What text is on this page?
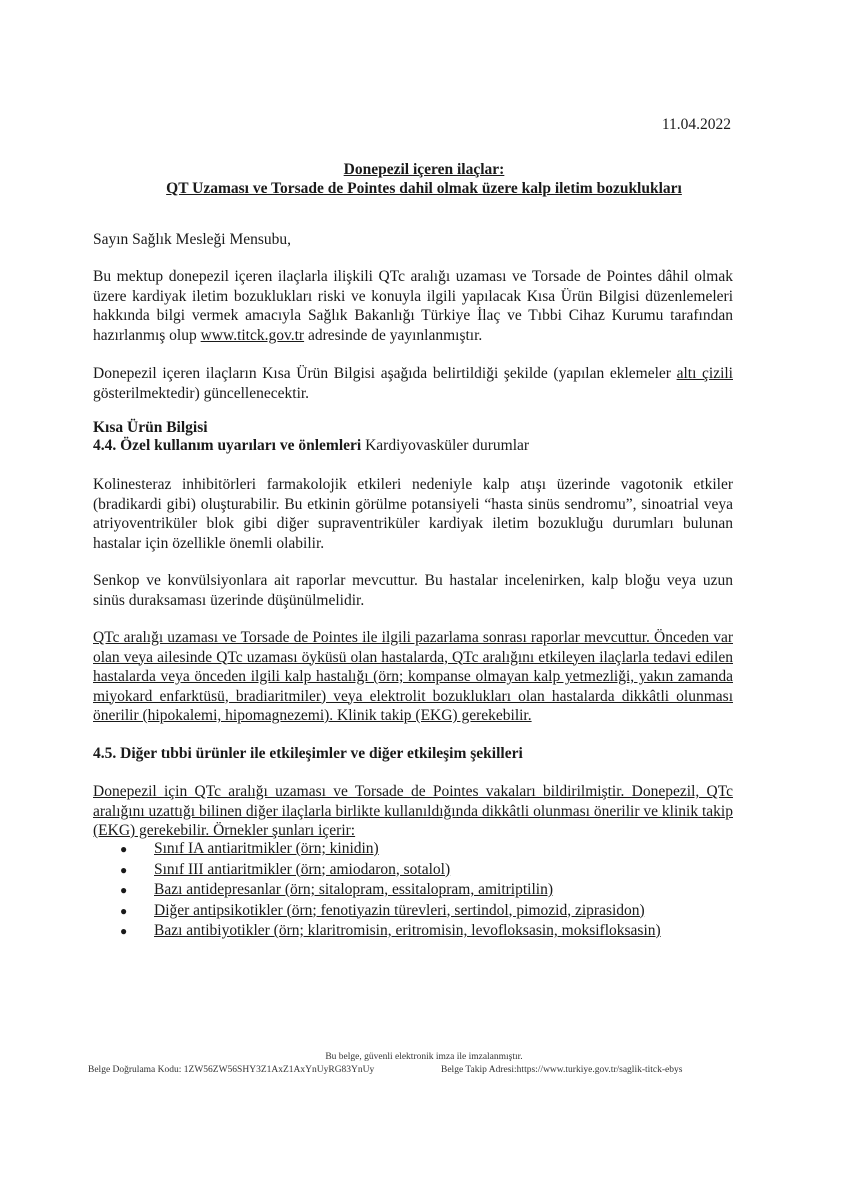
11.04.2022
Donepezil içeren ilaçlar:
QT Uzaması ve Torsade de Pointes dahil olmak üzere kalp iletim bozuklukları
Sayın Sağlık Mesleği Mensubu,
Bu mektup donepezil içeren ilaçlarla ilişkili QTc aralığı uzaması ve Torsade de Pointes dâhil olmak üzere kardiyak iletim bozuklukları riski ve konuyla ilgili yapılacak Kısa Ürün Bilgisi düzenlemeleri hakkında bilgi vermek amacıyla Sağlık Bakanlığı Türkiye İlaç ve Tıbbi Cihaz Kurumu tarafından hazırlanmış olup www.titck.gov.tr adresinde de yayınlanmıştır.
Donepezil içeren ilaçların Kısa Ürün Bilgisi aşağıda belirtildiği şekilde (yapılan eklemeler altı çizili gösterilmektedir) güncellenecektir.
Kısa Ürün Bilgisi
4.4. Özel kullanım uyarıları ve önlemleri Kardiyovasküler durumlar
Kolinesteraz inhibitörleri farmakolojik etkileri nedeniyle kalp atışı üzerinde vagotonik etkiler (bradikardi gibi) oluşturabilir. Bu etkinin görülme potansiyeli “hasta sinüs sendromu”, sinoatrial veya atriyoventriküler blok gibi diğer supraventriküler kardiyak iletim bozukluğu durumları bulunan hastalar için özellikle önemli olabilir.
Senkop ve konvülsiyonlara ait raporlar mevcuttur. Bu hastalar incelenirken, kalp bloğu veya uzun sinüs duraksaması üzerinde düşünülmelidir.
QTc aralığı uzaması ve Torsade de Pointes ile ilgili pazarlama sonrası raporlar mevcuttur. Önceden var olan veya ailesinde QTc uzaması öyküsü olan hastalarda, QTc aralığını etkileyen ilaçlarla tedavi edilen hastalarda veya önceden ilgili kalp hastalığı (örn; kompanse olmayan kalp yetmezliği, yakın zamanda miyokard enfarktüsü, bradiaritmiler) veya elektrolit bozuklukları olan hastalarda dikkâtli olunması önerilir (hipokalemi, hipomagnezemi). Klinik takip (EKG) gerekebilir.
4.5. Diğer tıbbi ürünler ile etkileşimler ve diğer etkileşim şekilleri
Donepezil için QTc aralığı uzaması ve Torsade de Pointes vakaları bildirilmiştir. Donepezil, QTc aralığını uzattığı bilinen diğer ilaçlarla birlikte kullanıldığında dikkâtli olunması önerilir ve klinik takip (EKG) gerekebilir. Örnekler şunları içerir:
●	Sınıf IA antiaritmikler (örn; kinidin)
●	Sınıf III antiaritmikler (örn; amiodaron, sotalol)
●	Bazı antidepresanlar (örn; sitalopram, essitalopram, amitriptilin)
●	Diğer antipsikotikler (örn; fenotiyazin türevleri, sertindol, pimozid, ziprasidon)
●	Bazı antibiyotikler (örn; klaritromisin, eritromisin, levofloksasin, moksifloksasin)
Bu belge, güvenli elektronik imza ile imzalanmıştır.
Belge Doğrulama Kodu: 1ZW56ZW56SHY3Z1AxZ1AxYnUyRG83YnUy	Belge Takip Adresi:https://www.turkiye.gov.tr/saglik-titck-ebys
